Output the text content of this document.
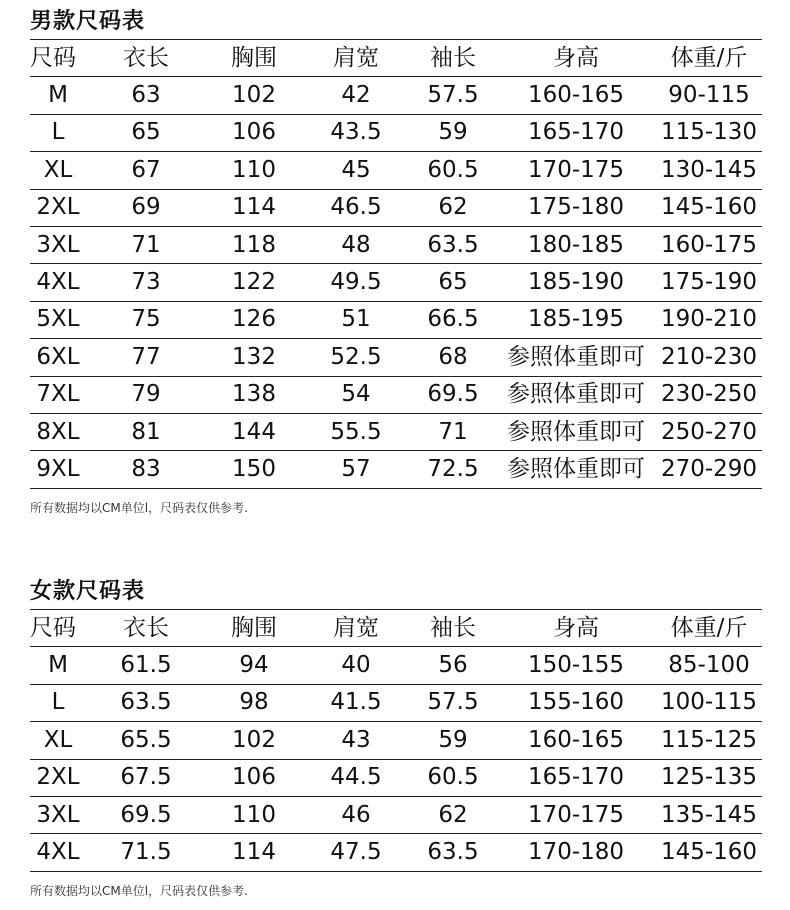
男款尺码表
尺码	衣长	胸围	肩宽	袖长	身高	体重/斤
M	63	102	42	57.5	160-165	90-115
L	65	106	43.5	59	165-170	115-130
XL	67	110	45	60.5	170-175	130-145
2XL	69	114	46.5	62	175-180	145-160
3XL	71	118	48	63.5	180-185	160-175
4XL	73	122	49.5	65	185-190	175-190
5XL	75	126	51	66.5	185-195	190-210
6XL	77	132	52.5	68	参照体重即可	210-230
7XL	79	138	54	69.5	参照体重即可	230-250
8XL	81	144	55.5	71	参照体重即可	250-270
9XL	83	150	57	72.5	参照体重即可	270-290
所有数据均以CM单位l，尺码表仅供参考.
女款尺码表
尺码	衣长	胸围	肩宽	袖长	身高	体重/斤
M	61.5	94	40	56	150-155	85-100
L	63.5	98	41.5	57.5	155-160	100-115
XL	65.5	102	43	59	160-165	115-125
2XL	67.5	106	44.5	60.5	165-170	125-135
3XL	69.5	110	46	62	170-175	135-145
4XL	71.5	114	47.5	63.5	170-180	145-160
所有数据均以CM单位l，尺码表仅供参考.
